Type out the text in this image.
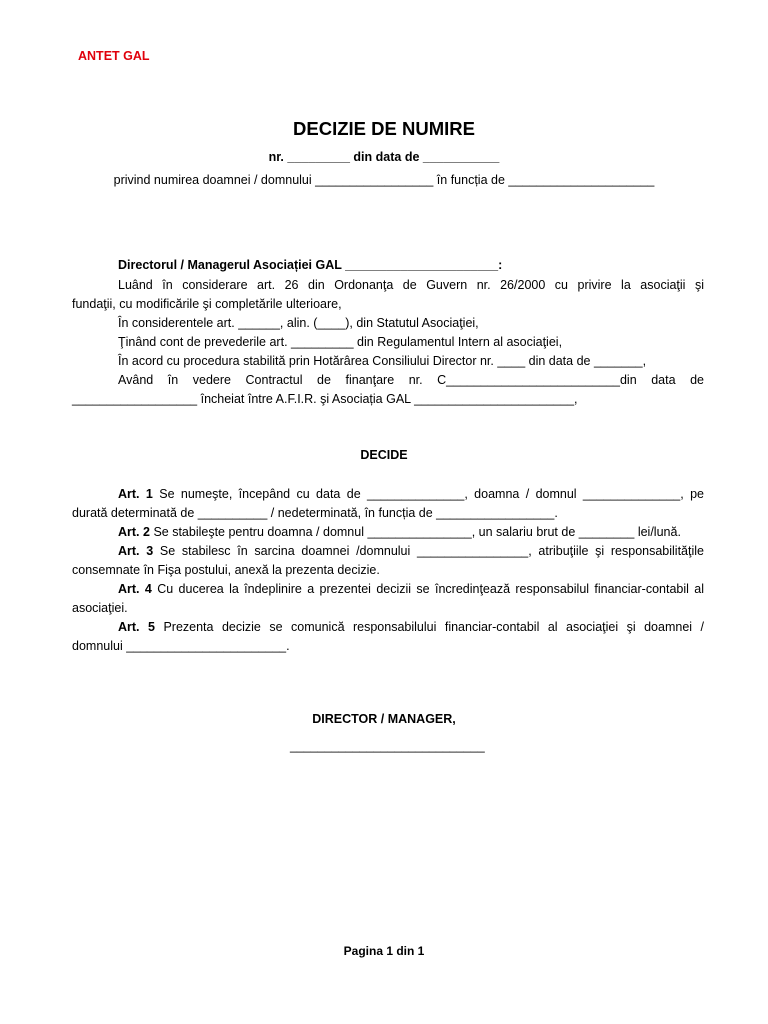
ANTET GAL
DECIZIE DE NUMIRE
nr. _________ din data de ___________
privind numirea doamnei / domnului _________________ în funcția de _____________________
Directorul / Managerul Asociației GAL ______________________:
Luând în considerare art. 26 din Ordonanţa de Guvern nr. 26/2000 cu privire la asociaţii şi
fundaţii, cu modificările şi completările ulterioare,
În considerentele art. ______, alin. (____), din Statutul Asociaţiei,
Ţinând cont de prevederile art. _________ din Regulamentul Intern al asociaţiei,
În acord cu procedura stabilită prin Hotărârea Consiliului Director nr. ____ din data de _______,
Având în vedere Contractul de finanţare nr. C_________________________din data de
__________________ încheiat între A.F.I.R. şi Asociația GAL _______________________,
DECIDE
Art. 1 Se numeşte, începând cu data de ______________, doamna / domnul ______________, pe
durată determinată de __________ / nedeterminată, în funcția de _________________.
Art. 2 Se stabileşte pentru doamna / domnul _______________, un salariu brut de ________ lei/lună.
Art. 3 Se stabilesc în sarcina doamnei /domnului ________________, atribuţiile şi responsabilităţile
consemnate în Fişa postului, anexă la prezenta decizie.
Art. 4 Cu ducerea la îndeplinire a prezentei decizii se încredinţează responsabilul financiar-contabil al
asociaţiei.
Art. 5 Prezenta decizie se comunică responsabilului financiar-contabil al asociaţiei şi doamnei /
domnului _______________________.
DIRECTOR / MANAGER,
____________________________
Pagina 1 din 1
